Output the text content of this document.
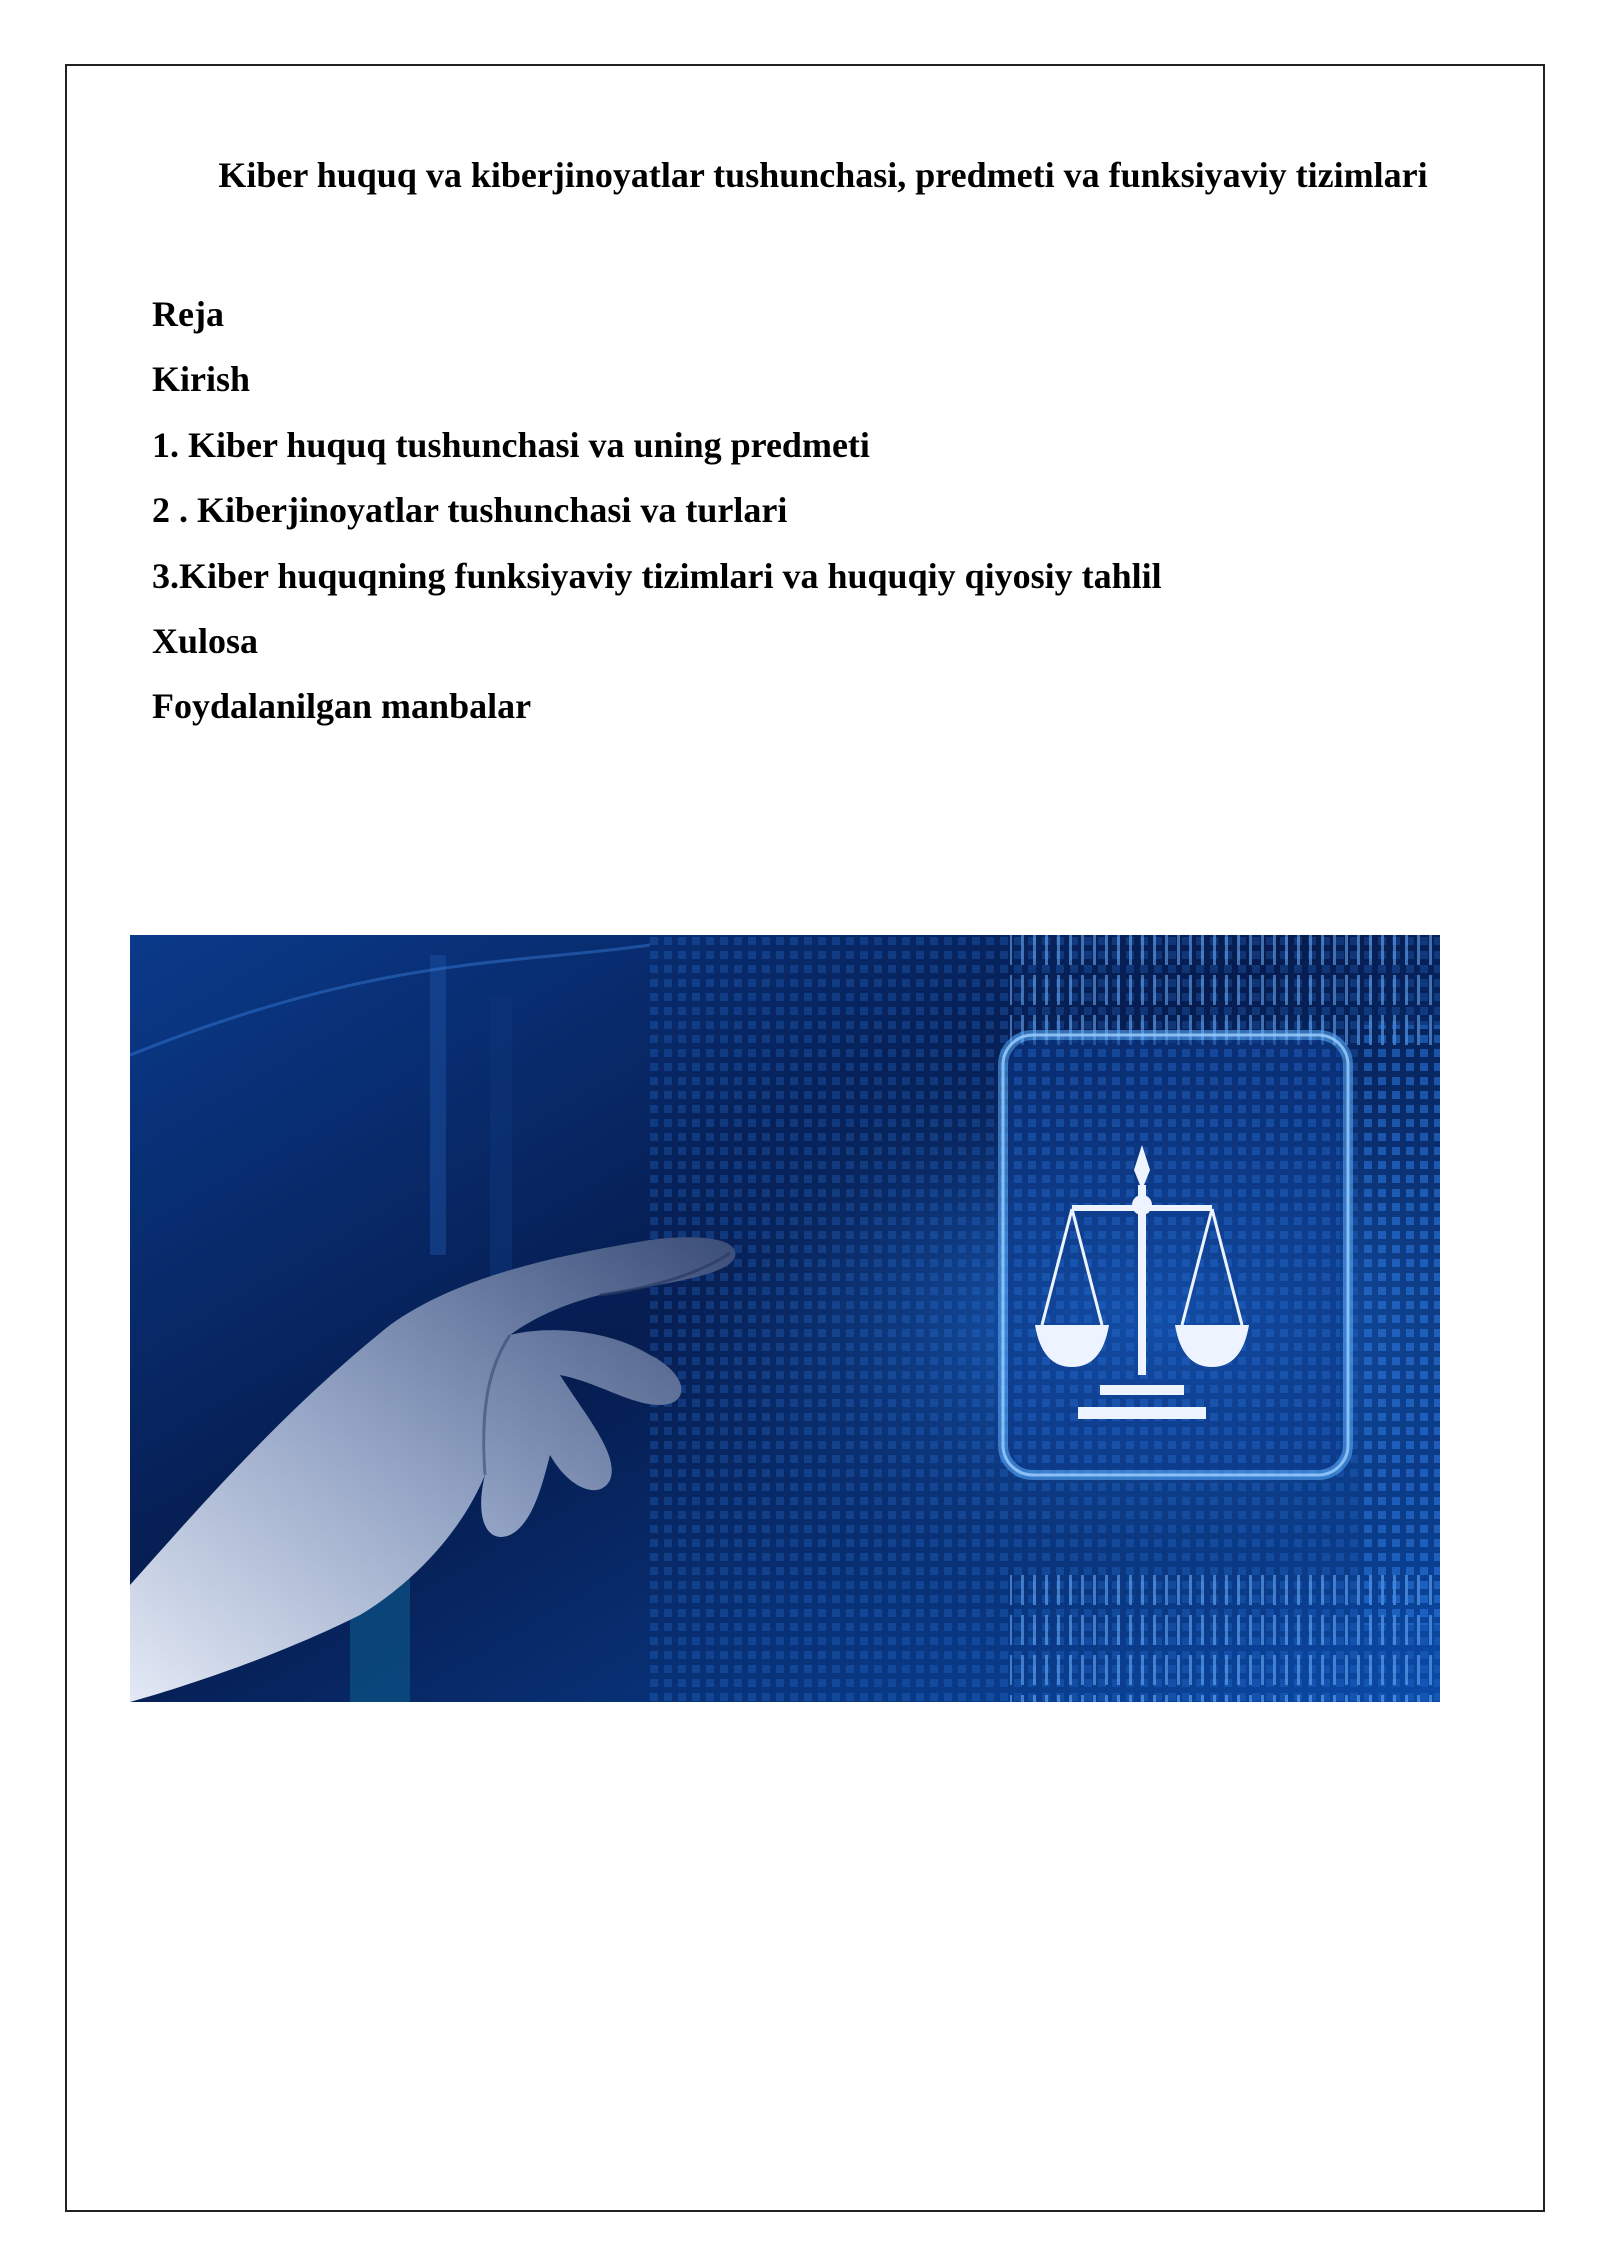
Kiber huquq va kiberjinoyatlar tushunchasi, predmeti va funksiyaviy tizimlari
Reja
Kirish
1. Kiber huquq tushunchasi va uning predmeti
2 . Kiberjinoyatlar tushunchasi va turlari
3.Kiber huquqning funksiyaviy tizimlari va huquqiy qiyosiy tahlil
Xulosa
Foydalanilgan manbalar
